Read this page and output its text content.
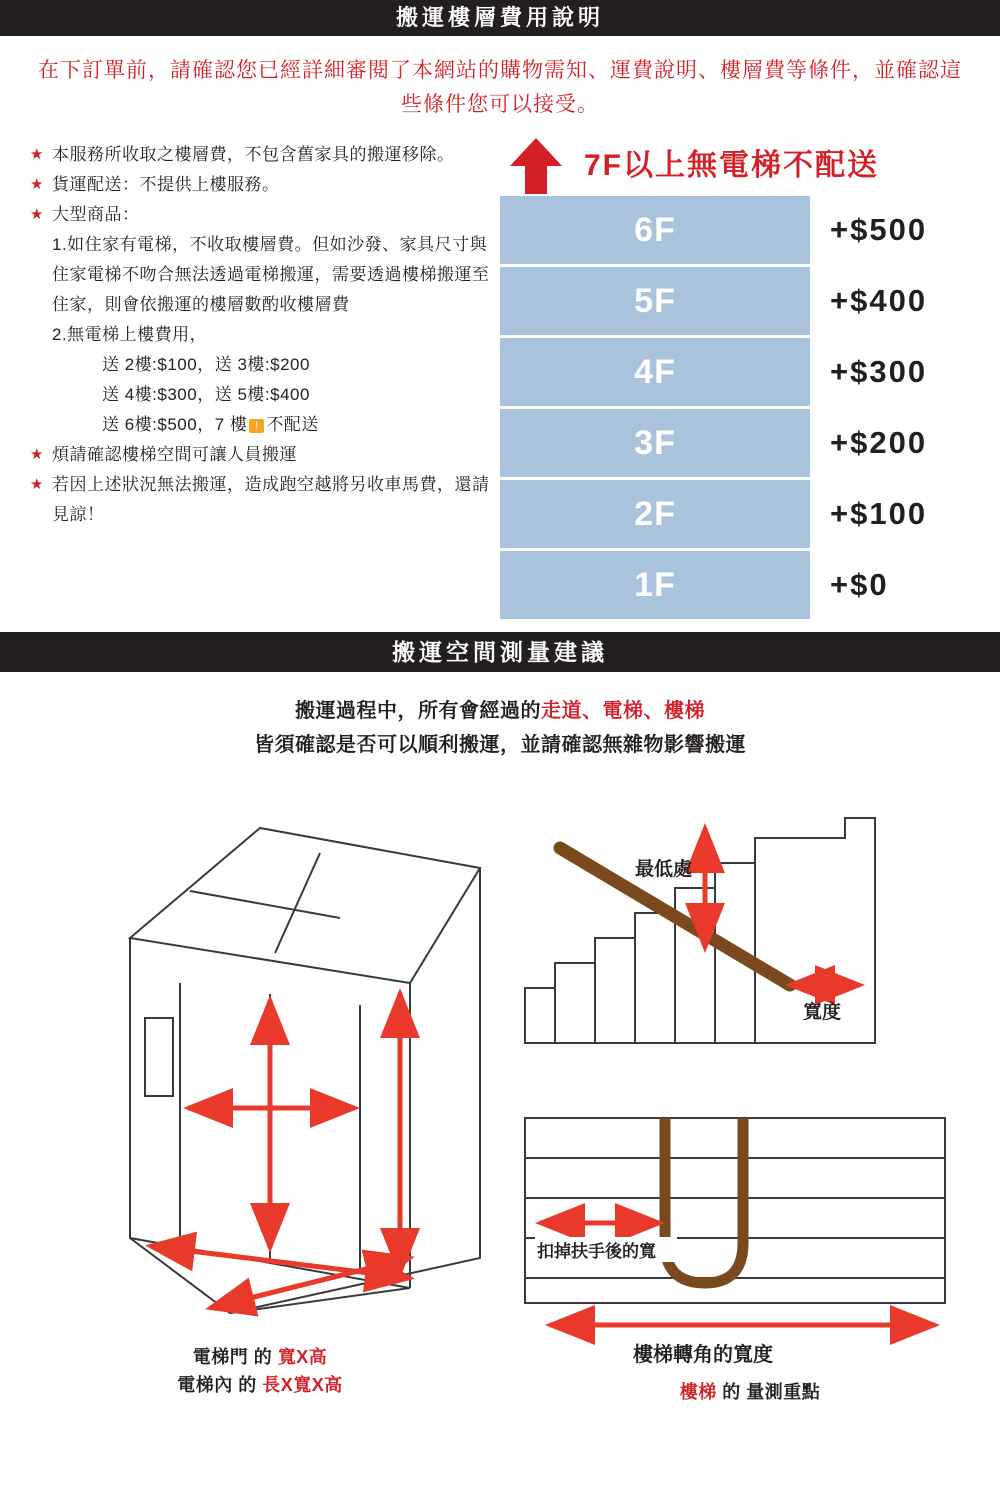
搬運樓層費用說明
在下訂單前，請確認您已經詳細審閱了本網站的購物需知、運費說明、樓層費等條件，並確認這些條件您可以接受。
★ 本服務所收取之樓層費，不包含舊家具的搬運移除。
★ 貨運配送：不提供上樓服務。
★ 大型商品：
1.如住家有電梯，不收取樓層費。但如沙發、家具尺寸與住家電梯不吻合無法透過電梯搬運，需要透過樓梯搬運至住家，則會依搬運的樓層數酌收樓層費
2.無電梯上樓費用，
送 2樓:$100，送 3樓:$200
送 4樓:$300，送 5樓:$400
送 6樓:$500，7 樓 ! 不配送
★ 煩請確認樓梯空間可讓人員搬運
★ 若因上述狀況無法搬運，造成跑空越將另收車馬費，還請見諒！
7F以上無電梯不配送
6F	+$500
5F	+$400
4F	+$300
3F	+$200
2F	+$100
1F	+$0
搬運空間測量建議
搬運過程中，所有會經過的走道、電梯、樓梯
皆須確認是否可以順利搬運，並請確認無雜物影響搬運
電梯門 的 寬X高
電梯內 的 長X寬X高
最低處
寬度
扣掉扶手後的寬
樓梯轉角的寬度
樓梯 的 量測重點
